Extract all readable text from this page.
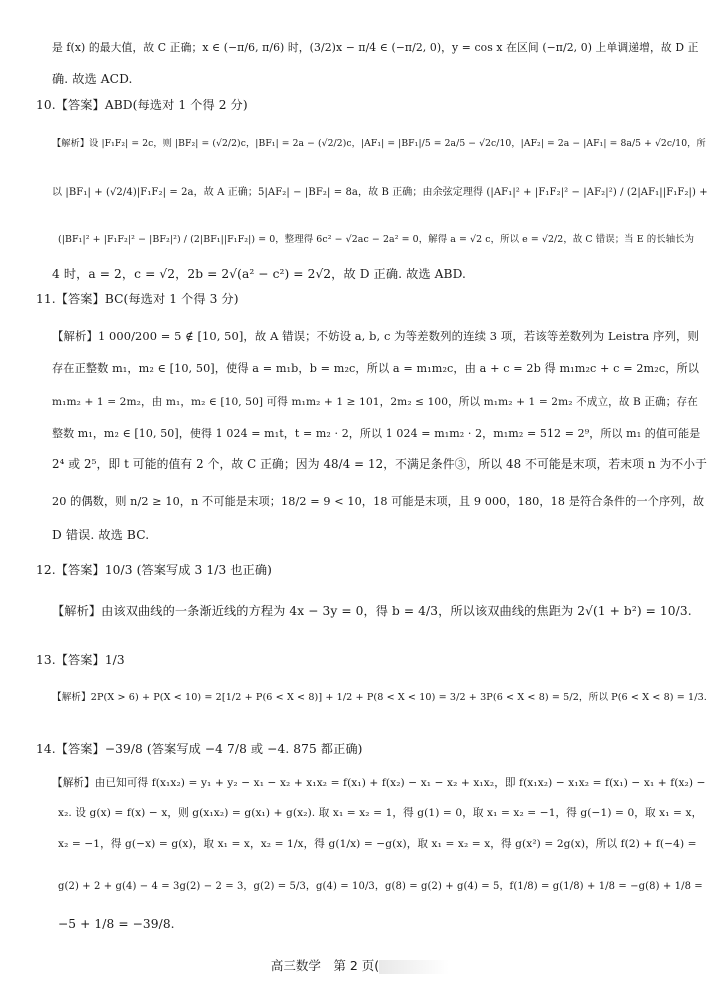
是 f(x) 的最大值，故 C 正确；x ∈ (−π/6, π/6) 时，(3/2)x − π/4 ∈ (−π/2, 0)，y = cos x 在区间 (−π/2, 0) 上单调递增，故 D 正
确. 故选 ACD.
10.【答案】ABD(每选对 1 个得 2 分)
【解析】设 |F₁F₂| = 2c，则 |BF₂| = (√2/2)c，|BF₁| = 2a − (√2/2)c，|AF₁| = |BF₁|/5 = 2a/5 − √2c/10，|AF₂| = 2a − |AF₁| = 8a/5 + √2c/10，所
以 |BF₁| + (√2/4)|F₁F₂| = 2a，故 A 正确；5|AF₂| − |BF₂| = 8a，故 B 正确；由余弦定理得 (|AF₁|² + |F₁F₂|² − |AF₂|²) / (2|AF₁||F₁F₂|) +
(|BF₁|² + |F₁F₂|² − |BF₂|²) / (2|BF₁||F₁F₂|) = 0，整理得 6c² − √2ac − 2a² = 0，解得 a = √2 c，所以 e = √2/2，故 C 错误；当 E 的长轴长为
4 时，a = 2，c = √2，2b = 2√(a² − c²) = 2√2，故 D 正确. 故选 ABD.
11.【答案】BC(每选对 1 个得 3 分)
【解析】1 000/200 = 5 ∉ [10, 50]，故 A 错误；不妨设 a, b, c 为等差数列的连续 3 项，若该等差数列为 Leistra 序列，则
存在正整数 m₁，m₂ ∈ [10, 50]，使得 a = m₁b，b = m₂c，所以 a = m₁m₂c，由 a + c = 2b 得 m₁m₂c + c = 2m₂c，所以
m₁m₂ + 1 = 2m₂，由 m₁，m₂ ∈ [10, 50] 可得 m₁m₂ + 1 ≥ 101，2m₂ ≤ 100，所以 m₁m₂ + 1 = 2m₂ 不成立，故 B 正确；存在
整数 m₁，m₂ ∈ [10, 50]，使得 1 024 = m₁t，t = m₂ · 2，所以 1 024 = m₁m₂ · 2，m₁m₂ = 512 = 2⁹，所以 m₁ 的值可能是
2⁴ 或 2⁵，即 t 可能的值有 2 个，故 C 正确；因为 48/4 = 12，不满足条件③，所以 48 不可能是末项，若末项 n 为不小于
20 的偶数，则 n/2 ≥ 10，n 不可能是末项；18/2 = 9 < 10，18 可能是末项，且 9 000，180，18 是符合条件的一个序列，故
D 错误. 故选 BC.
12.【答案】10/3 (答案写成 3 1/3 也正确)
【解析】由该双曲线的一条渐近线的方程为 4x − 3y = 0，得 b = 4/3，所以该双曲线的焦距为 2√(1 + b²) = 10/3.
13.【答案】1/3
【解析】2P(X > 6) + P(X < 10) = 2[1/2 + P(6 < X < 8)] + 1/2 + P(8 < X < 10) = 3/2 + 3P(6 < X < 8) = 5/2，所以 P(6 < X < 8) = 1/3.
14.【答案】−39/8 (答案写成 −4 7/8 或 −4. 875 都正确)
【解析】由已知可得 f(x₁x₂) = y₁ + y₂ − x₁ − x₂ + x₁x₂ = f(x₁) + f(x₂) − x₁ − x₂ + x₁x₂，即 f(x₁x₂) − x₁x₂ = f(x₁) − x₁ + f(x₂) −
x₂. 设 g(x) = f(x) − x，则 g(x₁x₂) = g(x₁) + g(x₂). 取 x₁ = x₂ = 1，得 g(1) = 0，取 x₁ = x₂ = −1，得 g(−1) = 0，取 x₁ = x，
x₂ = −1，得 g(−x) = g(x)，取 x₁ = x，x₂ = 1/x，得 g(1/x) = −g(x)，取 x₁ = x₂ = x，得 g(x²) = 2g(x)，所以 f(2) + f(−4) =
g(2) + 2 + g(4) − 4 = 3g(2) − 2 = 3，g(2) = 5/3，g(4) = 10/3，g(8) = g(2) + g(4) = 5，f(1/8) = g(1/8) + 1/8 = −g(8) + 1/8 =
−5 + 1/8 = −39/8.
高三数学　第 2 页(
